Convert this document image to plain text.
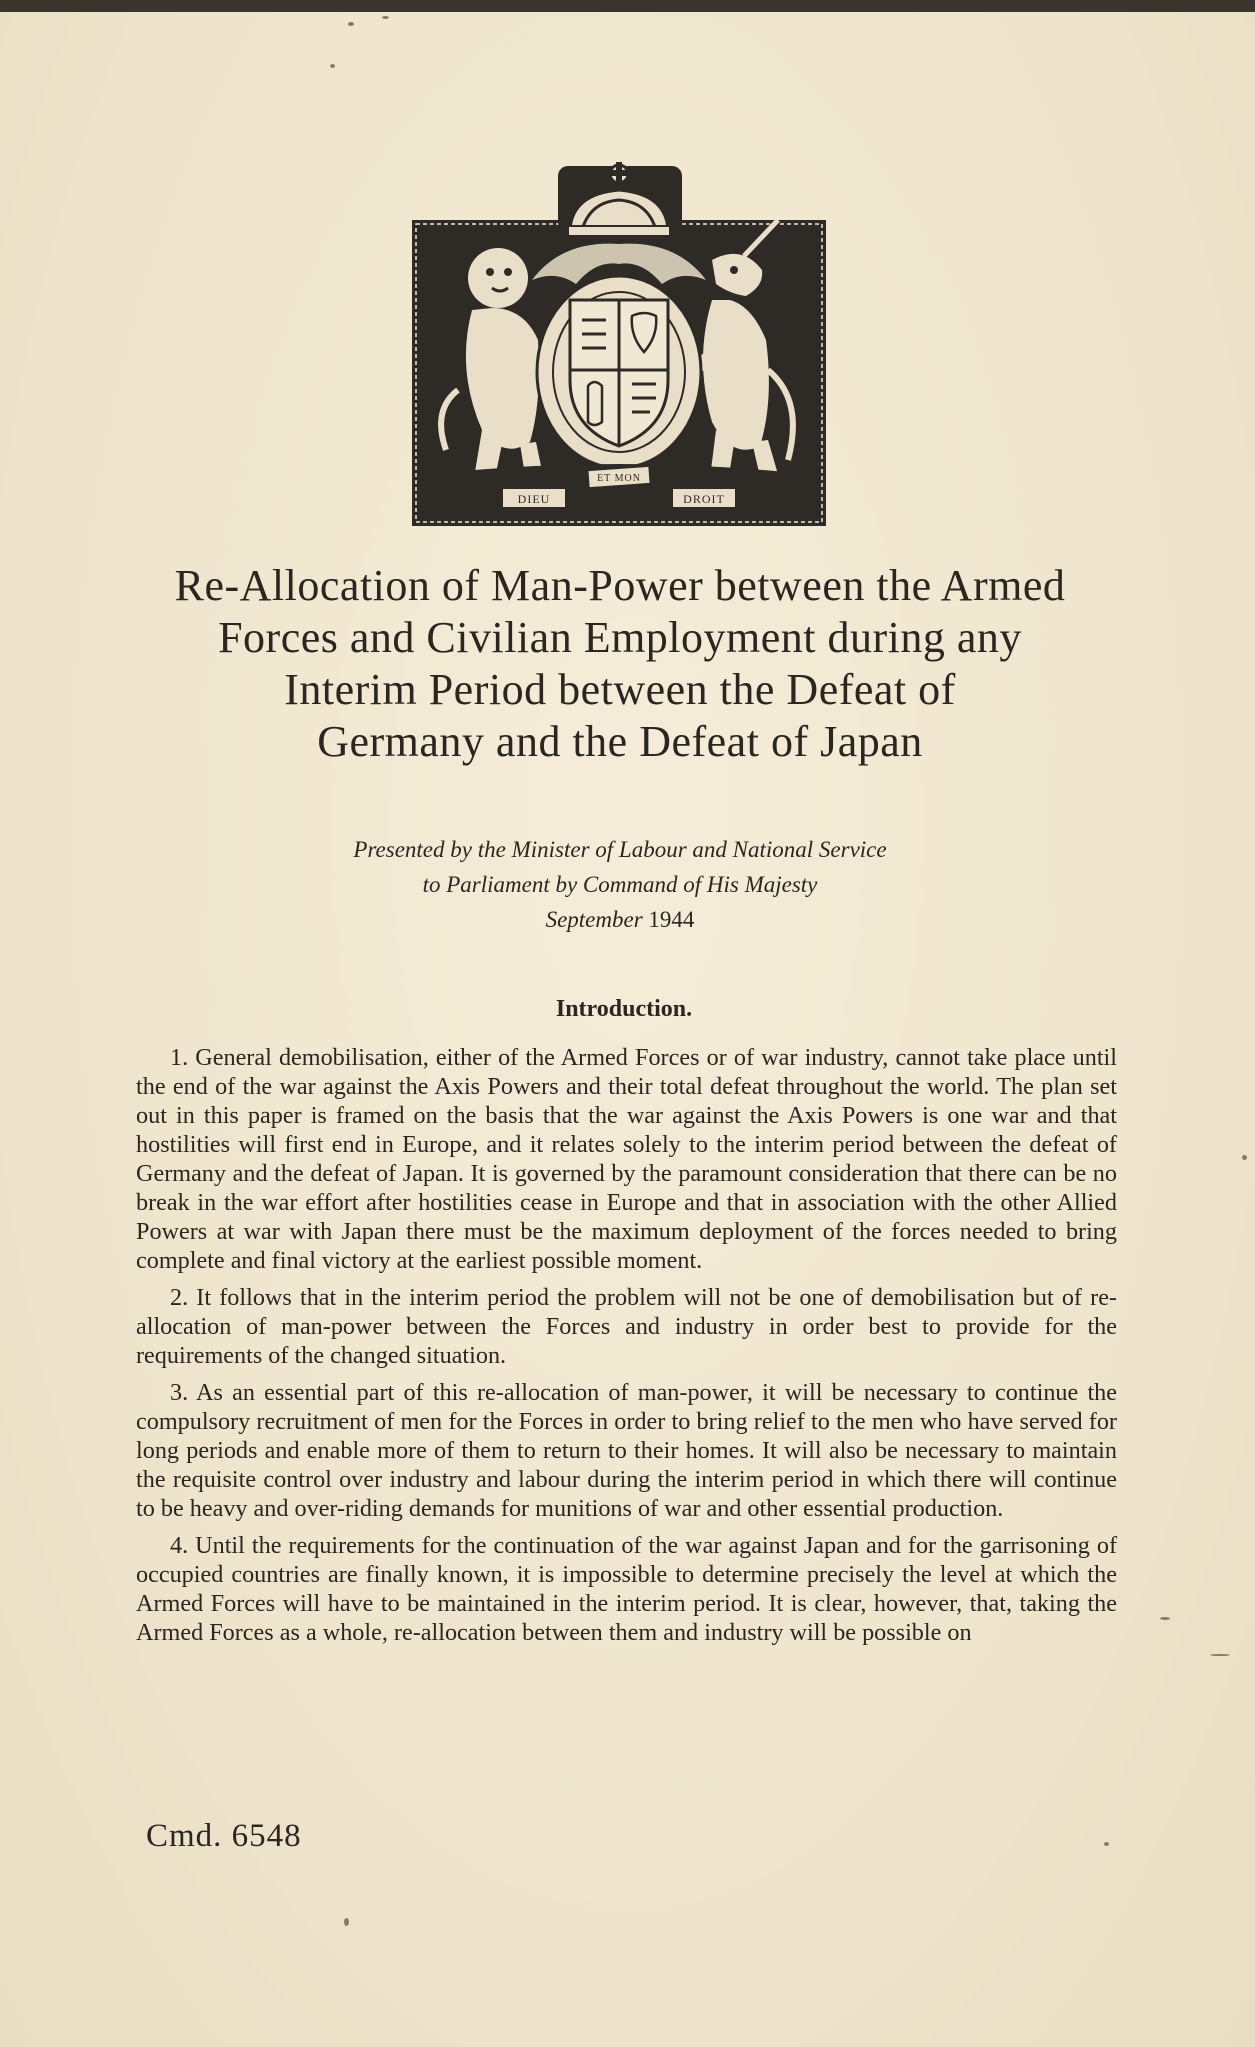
DIEU
ET MON
DROIT
Re-Allocation of Man-Power between the Armed
Forces and Civilian Employment during any
Interim Period between the Defeat of
Germany and the Defeat of Japan
Presented by the Minister of Labour and National Service
to Parliament by Command of His Majesty
September 1944
Introduction.

1. General demobilisation, either of the Armed Forces or of war industry, cannot take place until the end of the war against the Axis Powers and their total defeat throughout the world. The plan set out in this paper is framed on the basis that the war against the Axis Powers is one war and that hostilities will first end in Europe, and it relates solely to the interim period between the defeat of Germany and the defeat of Japan. It is governed by the paramount consideration that there can be no break in the war effort after hostilities cease in Europe and that in association with the other Allied Powers at war with Japan there must be the maximum deployment of the forces needed to bring complete and final victory at the earliest possible moment.

2. It follows that in the interim period the problem will not be one of demobilisation but of re-allocation of man-power between the Forces and industry in order best to provide for the requirements of the changed situation.

3. As an essential part of this re-allocation of man-power, it will be necessary to continue the compulsory recruitment of men for the Forces in order to bring relief to the men who have served for long periods and enable more of them to return to their homes. It will also be necessary to maintain the requisite control over industry and labour during the interim period in which there will continue to be heavy and over-riding demands for munitions of war and other essential production.

4. Until the requirements for the continuation of the war against Japan and for the garrisoning of occupied countries are finally known, it is impossible to determine precisely the level at which the Armed Forces will have to be maintained in the interim period. It is clear, however, that, taking the Armed Forces as a whole, re-allocation between them and industry will be possible on

Cmd. 6548
